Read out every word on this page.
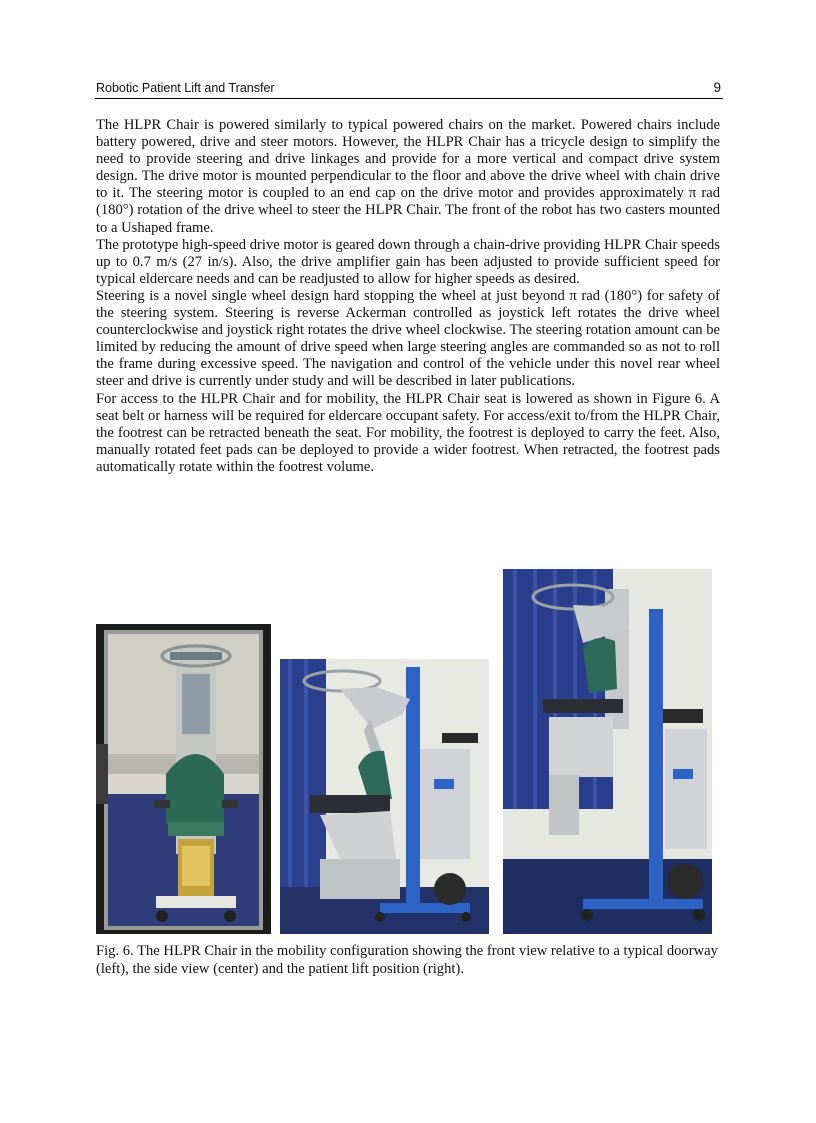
Robotic Patient Lift and Transfer	9

The HLPR Chair is powered similarly to typical powered chairs on the market. Powered chairs include battery powered, drive and steer motors. However, the HLPR Chair has a tricycle design to simplify the need to provide steering and drive linkages and provide for a more vertical and compact drive system design. The drive motor is mounted perpendicular to the floor and above the drive wheel with chain drive to it. The steering motor is coupled to an end cap on the drive motor and provides approximately π rad (180°) rotation of the drive wheel to steer the HLPR Chair. The front of the robot has two casters mounted to a Ushaped frame.

The prototype high-speed drive motor is geared down through a chain-drive providing HLPR Chair speeds up to 0.7 m/s (27 in/s). Also, the drive amplifier gain has been adjusted to provide sufficient speed for typical eldercare needs and can be readjusted to allow for higher speeds as desired.

Steering is a novel single wheel design hard stopping the wheel at just beyond π rad (180°) for safety of the steering system. Steering is reverse Ackerman controlled as joystick left rotates the drive wheel counterclockwise and joystick right rotates the drive wheel clockwise. The steering rotation amount can be limited by reducing the amount of drive speed when large steering angles are commanded so as not to roll the frame during excessive speed. The navigation and control of the vehicle under this novel rear wheel steer and drive is currently under study and will be described in later publications.

For access to the HLPR Chair and for mobility, the HLPR Chair seat is lowered as shown in Figure 6. A seat belt or harness will be required for eldercare occupant safety. For access/exit to/from the HLPR Chair, the footrest can be retracted beneath the seat. For mobility, the footrest is deployed to carry the feet. Also, manually rotated feet pads can be deployed to provide a wider footrest. When retracted, the footrest pads automatically rotate within the footrest volume.

Fig. 6. The HLPR Chair in the mobility configuration showing the front view relative to a typical doorway (left), the side view (center) and the patient lift position (right).
